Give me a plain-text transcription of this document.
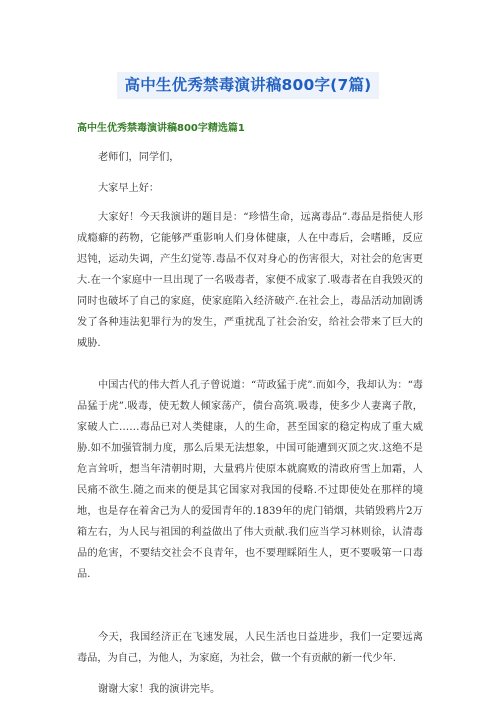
高中生优秀禁毒演讲稿800字(7篇)
高中生优秀禁毒演讲稿800字精选篇1
老师们，同学们，
大家早上好：

大家好！今天我演讲的题目是：“珍惜生命，远离毒品”.毒品是指使人形成瘾癖的药物，它能够严重影响人们身体健康，人在中毒后，会嗜睡，反应迟钝，运动失调，产生幻觉等.毒品不仅对身心的伤害很大，对社会的危害更大.在一个家庭中一旦出现了一名吸毒者，家便不成家了.吸毒者在自我毁灭的同时也破坏了自己的家庭，使家庭陷入经济破产.在社会上，毒品活动加剧诱发了各种违法犯罪行为的发生，严重扰乱了社会治安，给社会带来了巨大的威胁.

中国古代的伟大哲人孔子曾说道：“苛政猛于虎”.而如今，我却认为：“毒品猛于虎”.吸毒，使无数人倾家荡产，债台高筑.吸毒，使多少人妻离子散，家破人亡……毒品已对人类健康，人的生命，甚至国家的稳定构成了重大威胁.如不加强管制力度，那么后果无法想象，中国可能遭到灭顶之灾.这绝不是危言耸听，想当年清朝时期，大量鸦片使原本就腐败的清政府雪上加霜，人民痛不欲生.随之而来的便是其它国家对我国的侵略.不过即使处在那样的境地，也是存在着舍己为人的爱国青年的.1839年的虎门销烟，共销毁鸦片2万箱左右，为人民与祖国的利益做出了伟大贡献.我们应当学习林则徐，认清毒品的危害，不要结交社会不良青年，也不要理睬陌生人，更不要吸第一口毒品.

今天，我国经济正在飞速发展，人民生活也日益进步，我们一定要远离毒品，为自己，为他人，为家庭，为社会，做一个有贡献的新一代少年.

谢谢大家！我的演讲完毕。
